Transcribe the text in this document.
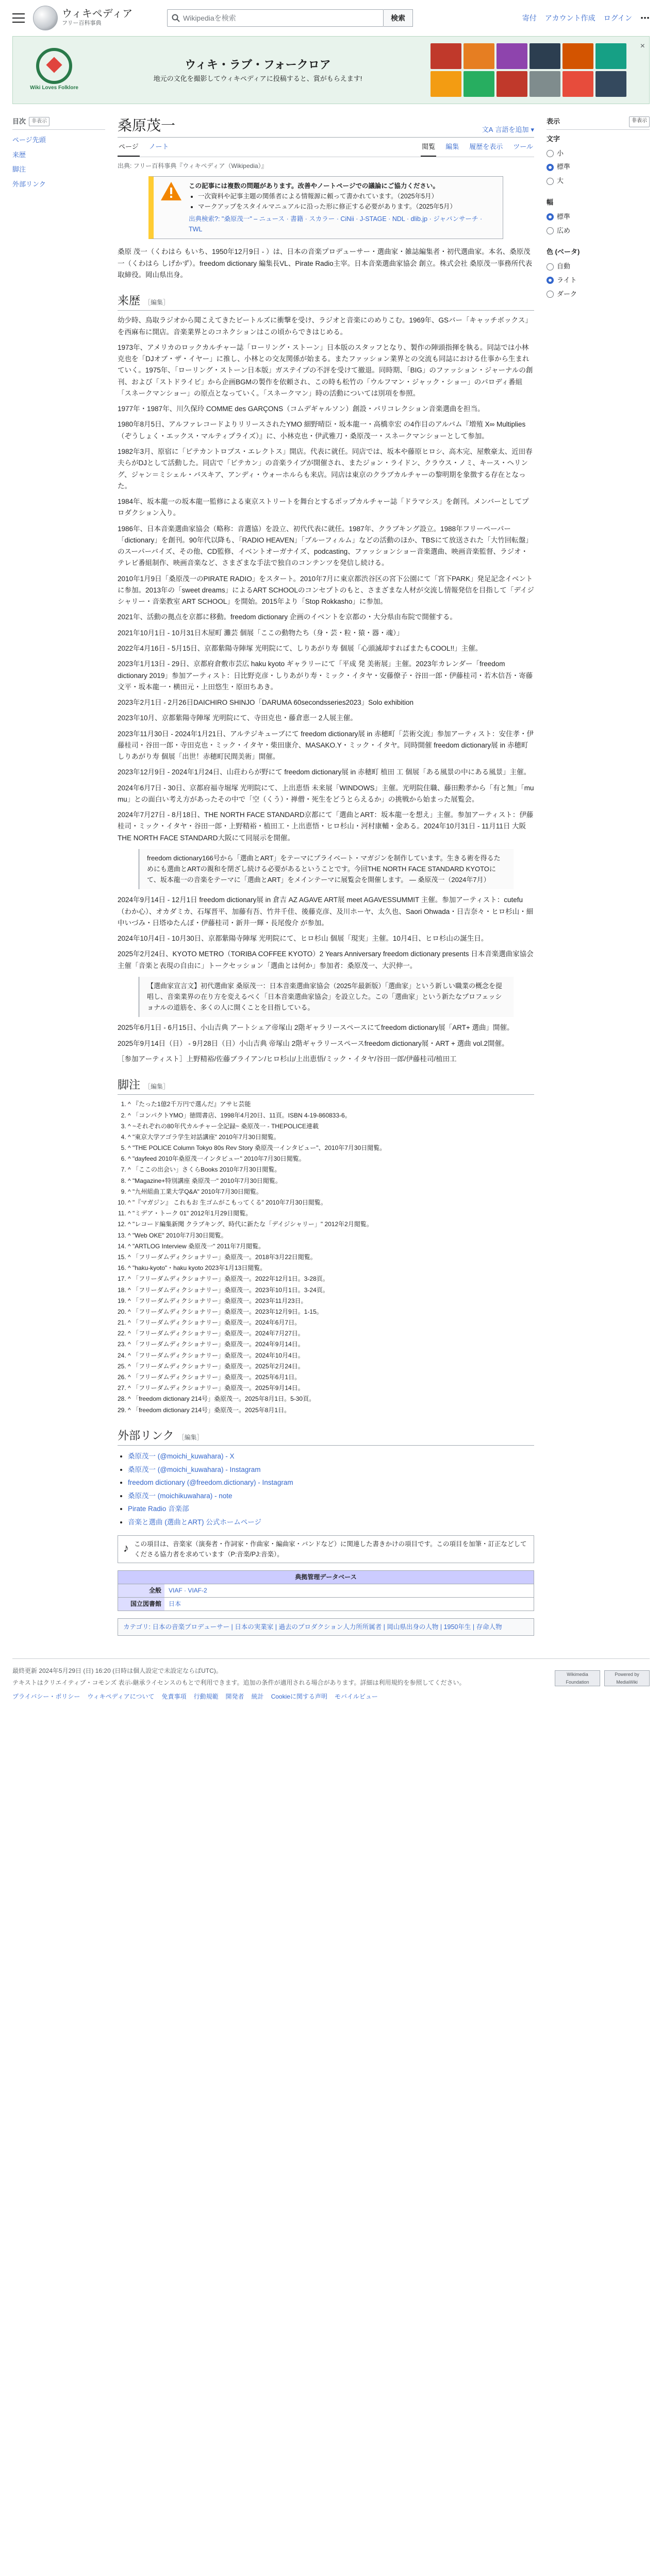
ウィキペディア
フリー百科事典
Wikipediaを検索	検索	寄付 アカウント作成 ログイン ⋯
Wiki Loves Folklore
ウィキ・ラブ・フォークロア
地元の文化を撮影してウィキペディアに投稿すると、賞がもらえます!
×
目次	非表示
ページ先頭
来歴
脚注
外部リンク
桑原茂一	文A 言語を追加 ▾
ページ ノート	閲覧 編集 履歴を表示 ツール
出典: フリー百科事典『ウィキペディア（Wikipedia）』
この記事には複数の問題があります。改善やノートページでの議論にご協力ください。
• 一次資料や記事主題の関係者による情報源に頼って書かれています。（2025年5月）
• マークアップをスタイルマニュアルに沿った形に修正する必要があります。（2025年5月）
出典検索?: "桑原茂一" – ニュース · 書籍 · スカラー · CiNii · J-STAGE · NDL · dlib.jp · ジャパンサーチ · TWL

桑原 茂一（くわはら もいち、1950年12月9日 - ）は、日本の音楽プロデューサー・選曲家・雑誌編集者・初代選曲家。本名、桑原茂一（くわはら しげかず）。freedom dictionary 編集長VL、Pirate Radio主宰。日本音楽選曲家協会 創立。株式会社 桑原茂一事務所代表取締役。岡山県出身。

来歴 ［編集］

幼少時、鳥取ラジオから聞こえてきたビートルズに衝撃を受け、ラジオと音楽にのめりこむ。1969年、GSバー「キャッチボックス」を西麻布に開店。音楽業界とのコネクションはこの頃からできはじめる。

1973年、アメリカのロックカルチャー誌「ローリング・ストーン」日本版のスタッフとなり、製作の陣頭指揮を執る。同誌では小林克也を「DJオブ・ザ・イヤー」に推し、小林との交友関係が始まる。またファッション業界との交流も同誌における仕事から生まれていく。1975年、「ローリング・ストーン日本版」ガステイプの不評を受けて撤退。同時期、「BIG」のファッション・ジャーナルの創刊、および「ストドライビ」から企画BGMの製作を依頼され、この時も松竹の「ウルフマン・ジャック・ショー」のパロディ番組「スネークマンショー」の原点となっていく。「スネークマン」時の活動については別項を参照。

1977年・1987年、川久保玲 COMME des GARÇONS（コムデギャルソン）創設・パリコレクション音楽選曲を担当。

1980年8月5日、アルファレコードよりリリースされたYMO 細野晴臣・坂本龍一・高橋幸宏 の4作目のアルバム『増殖 X∞ Multiplies（ぞうしょく・エックス・マルティプライズ）』に、小林克也・伊武雅刀・桑原茂一・スネークマンショーとして参加。

1982年3月、原宿に「ピテカントロプス・エレクトス」開店。代表に就任。同店では、坂本や藤原ヒロシ、高木完、屋敷豪太、近田春夫らがDJとして活動した。同店で「ピテカン」の音楽ライブが開催され、またジョン・ライドン、クラウス・ノミ、キース・ヘリング、ジャン＝ミシェル・バスキア、アンディ・ウォーホルらも来店。同店は東京のクラブカルチャーの黎明期を象徴する存在となった。

1984年、坂本龍一の坂本龍一監修による東京ストリートを舞台とするポップカルチャー誌「ドラマシス」を創刊。メンバーとしてプロダクション入り。

1986年、日本音楽選曲家協会（略称：音選協）を設立、初代代表に就任。1987年、クラブキング設立。1988年フリーペーパー「dictionary」を創刊。90年代以降も、「RADIO HEAVEN」「ブルーフィルム」などの活動のほか、TBSにて放送された「大竹回転盤」のスーパーバイズ、その他、CD監修、イベントオーガナイズ、podcasting、ファッションショー音楽選曲、映画音楽監督、ラジオ・テレビ番組制作、映画音楽など、さまざまな手法で独自のコンテンツを発信し続ける。

2010年1月9日「桑原茂一のPIRATE RADIO」をスタート。2010年7月に東京都渋谷区の宮下公園にて「宮下PARK」発足記念イベントに参加。2013年の「sweet dreams」によるART SCHOOLのコンセプトのもと、さまざまな人材が交流し情報発信を目指して「デイジシャリー・音楽教室 ART SCHOOL」を開始。2015年より「Stop Rokkasho」に参加。

2021年、活動の拠点を京都に移動。freedom dictionary 企画のイベントを京都の・大分県由布院で開催する。

2021年10月1日 - 10月31日木屋町 灘芸 個展「ここの動物たち（身・芸・粒・猿・器・魂）」

2022年4月16日 - 5月15日、京都紫陽寺陣塚 光明院にて、しりあがり寿 個展「心頭滅却すればまたもCOOL!!」主催。

2023年1月13日 - 29日、京都府倉敷市芸広 haku kyoto ギャラリーにて「平成 発 美術展」主催。2023年カレンダー「freedom dictionary 2019」参加アーティスト：日比野克彦・しりあがり寿・ミック・イタヤ・安藤僚子・谷田一郎・伊藤桂司・若木信吾・寄藤文平・坂本龍一・横田元・上田悠生・原田ちあき。

2023年2月1日 - 2月26日DAICHIRO SHINJO「DARUMA 60secondsseries2023」Solo exhibition

2023年10月、京都紫陽寺陣塚 光明院にて、寺田克也・藤倉恵一 2人展主催。

2023年11月30日 - 2024年1月21日、アルテジキューブにて freedom dictionary展 in 赤穂町「芸術交流」参加アーティスト：安住孝・伊藤桂司・谷田一郎・寺田克也・ミック・イタヤ・柴田康介、MASAKO.Y・ミック・イタヤ。同時開催 freedom dictionary展 in 赤穂町 しりあがり寿 個展「出世！赤穂町民間美術」開催。

2023年12月9日 - 2024年1月24日、山荘わらが野にて freedom dictionary展 in 赤穂町 植田 工 個展「ある風景の中にある風景」主催。

2024年6月7日 - 30日、京都府福寺堀塚 光明院にて、上出恵悟 未来展「WINDOWS」主催。光明院住職、藤田勲孝から「有と無」「mu mu」との面白い考え方があったその中で「空（くう）・禅僧・死生をどうとらえるか」の挑戦から始まった展覧会。

2024年7月27日 - 8月18日、THE NORTH FACE STANDARD京都にて「選曲とART：坂本龍一を想え」主催。参加アーティスト：伊藤桂司・ミック・イタヤ・谷田一郎・上野精裕・植田工・上出恵悟・ヒロ杉山・河村康輔・金ある。2024年10月31日 - 11月11日 大阪 THE NORTH FACE STANDARD大阪にて同展示を開催。

freedom dictionary166号から「選曲とART」をテーマにプライベート・マガジンを制作しています。生きる術を得るためにも選曲とARTの親和を閉ざし続ける必要があるということです。今回THE NORTH FACE STANDARD KYOTOにて、坂本龍一の音楽をテーマに「選曲とART」をメインテーマに展覧会を開催します。 ― 桑原茂一（2024年7月）

2024年9月14日 - 12月1日 freedom dictionary展 in 倉吉 AZ AGAVE ART展 meet AGAVESSUMMIT 主催。参加アーティスト：cutefu（わか心）、オカダミカ、石塚晋平、加藤有吾、竹井千佳、後藤克彦、及川ホーヤ、太久也、Saori Ohwada・日吉奈々・ヒロ杉山・細中いづみ・日塔ゆたんぽ・伊藤桂司・新井一輝・長尾俊介 が参加。

2024年10月4日 - 10月30日、京都紫陽寺陣塚 光明院にて、ヒロ杉山 個展「現実」主催。10月4日、ヒロ杉山の誕生日。

2025年2月24日、KYOTO METRO（TORIBA COFFEE KYOTO）2 Years Anniversary freedom dictionary presents 日本音楽選曲家協会主催「音楽と表現の自由に」トークセッション「選曲とは何か」参加者：桑原茂一、大沢伸一。

【選曲家宣言文】初代選曲家 桑原茂一：日本音楽選曲家協会（2025年最新版）「選曲家」という新しい職業の概念を提唱し、音楽業界の在り方を変えるべく「日本音楽選曲家協会」を設立した。この「選曲家」という新たなプロフェッショナルの道筋を、多くの人に開くことを目指している。

2025年6月1日 - 6月15日、小山吉典 アートシェア帝塚山 2階ギャラリースペースにてfreedom dictionary展「ART+ 選曲」開催。

2025年9月14日（日） - 9月28日（日）小山吉典 帝塚山 2階ギャラリースペースfreedom dictionary展・ART + 選曲 vol.2開催。

［参加アーティスト］上野精裕/佐藤ブライアン/ヒロ杉山/上出恵悟/ミック・イタヤ/谷田一郎/伊藤桂司/植田工

脚注 ［編集］
1. ^ 『たった1億2千万円で選んだ』アサヒ芸能
2. ^ 「コンパクトYMO」徳間書店、1998年4月20日、11頁。ISBN 4-19-860833-6。
3. ^ ~それぞれの80年代カルチャー全記録~ 桑原茂一 - THEPOLICE連載
4. ^ "東京大学アゴラ学生対話講座" 2010年7月30日閲覧。
5. ^ "THE POLICE Column Tokyo 80s Rev Story 桑原茂一インタビュー"、2010年7月30日閲覧。
6. ^ "dayfeed 2010年桑原茂一インタビュー" 2010年7月30日閲覧。
7. ^ 「ここの出会い」さくらBooks 2010年7月30日閲覧。
8. ^ "Magazine+特別講座 桑原茂一" 2010年7月30日閲覧。
9. ^ "九州組曲工業大学Q&A" 2010年7月30日閲覧。
10. ^ "『マガジン』 これもお 生ゴムがこもってくる" 2010年7月30日閲覧。
11. ^ "ミデア・トーク 01" 2012年1月29日閲覧。
12. ^ "レコード編集新聞 クラブキング、時代に新たな「デイジシャリー」" 2012年2月閲覧。
13. ^ "Web OKE" 2010年7月30日閲覧。
14. ^ "ARTLOG Interview 桑原茂一" 2011年7月閲覧。
15. ^ 「フリーダムディクショナリー」桑原茂一。2018年3月22日閲覧。
16. ^ "haku-kyoto"・haku kyoto 2023年1月13日閲覧。
17. ^ 「フリーダムディクショナリー」桑原茂一。2022年12月1日。3-28頁。
18. ^ 「フリーダムディクショナリー」桑原茂一。2023年10月1日。3-24頁。
19. ^ 「フリーダムディクショナリー」桑原茂一。2023年11月23日。
20. ^ 「フリーダムディクショナリー」桑原茂一。2023年12月9日。1-15。
21. ^ 「フリーダムディクショナリー」桑原茂一。2024年6月7日。
22. ^ 「フリーダムディクショナリー」桑原茂一。2024年7月27日。
23. ^ 「フリーダムディクショナリー」桑原茂一。2024年9月14日。
24. ^ 「フリーダムディクショナリー」桑原茂一。2024年10月4日。
25. ^ 「フリーダムディクショナリー」桑原茂一。2025年2月24日。
26. ^ 「フリーダムディクショナリー」桑原茂一。2025年6月1日。
27. ^ 「フリーダムディクショナリー」桑原茂一。2025年9月14日。
28. ^ 「freedom dictionary 214号」桑原茂一。2025年8月1日。5-30頁。
29. ^ 「freedom dictionary 214号」桑原茂一。2025年8月1日。
外部リンク ［編集］
• 桑原茂一 (@moichi_kuwahara) - X
• 桑原茂一 (@moichi_kuwahara) - Instagram
• freedom dictionary (@freedom.dictionary) - Instagram
• 桑原茂一 (moichikuwahara) - note
• Pirate Radio 音楽部
• 音楽と選曲 (選曲とART) 公式ホームページ
♪ この項目は、音楽家（演奏者・作詞家・作曲家・編曲家・バンドなど）に関連した書きかけの項目です。この項目を加筆・訂正などしてくださる協力者を求めています（P:音楽/PJ:音楽）。
典拠管理データベース
全般	VIAF · VIAF-2
国立図書館	日本
カテゴリ: 日本の音楽プロデューサー | 日本の実業家 | 過去のプロダクション人力所所属者 | 岡山県出身の人物 | 1950年生 | 存命人物
表示	非表示
文字
小
標準
大
幅
標準
広め
色 (ベータ)
自動
ライト
ダーク
最終更新 2024年5月29日 (日) 16:20 (日時は個人設定で未設定ならばUTC)。
テキストはクリエイティブ・コモンズ 表示-継承ライセンスのもとで利用できます。追加の条件が適用される場合があります。詳細は利用規約を参照してください。
プライバシー・ポリシー ウィキペディアについて 免責事項 行動規範 開発者 統計 Cookieに関する声明 モバイルビュー
Wikimedia Foundation
Powered by MediaWiki
